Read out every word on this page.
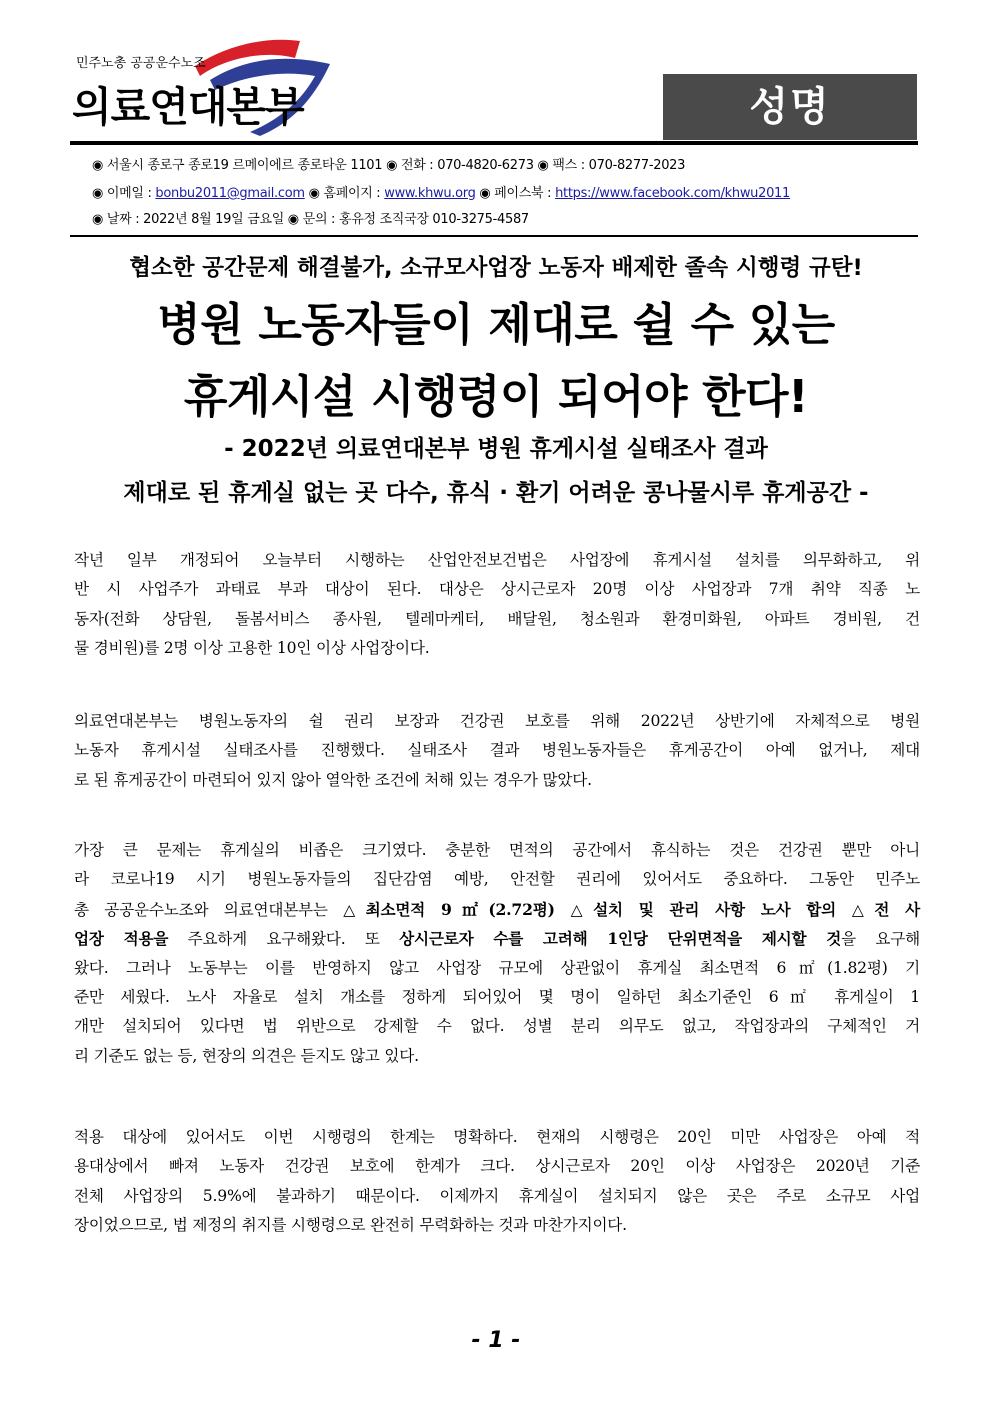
민주노총 공공운수노조
의료연대본부	성명
◉ 서울시 종로구 종로19 르메이에르 종로타운 1101 ◉ 전화 : 070-4820-6273 ◉ 팩스 : 070-8277-2023
◉ 이메일 : bonbu2011@gmail.com ◉ 홈페이지 : www.khwu.org ◉ 페이스북 : https://www.facebook.com/khwu2011
◉ 날짜 : 2022년 8월 19일 금요일 ◉ 문의 : 홍유정 조직국장 010-3275-4587
협소한 공간문제 해결불가, 소규모사업장 노동자 배제한 졸속 시행령 규탄!
병원 노동자들이 제대로 쉴 수 있는
휴게시설 시행령이 되어야 한다!
- 2022년 의료연대본부 병원 휴게시설 실태조사 결과
제대로 된 휴게실 없는 곳 다수, 휴식 · 환기 어려운 콩나물시루 휴게공간 -
작년 일부 개정되어 오늘부터 시행하는 산업안전보건법은 사업장에 휴게시설 설치를 의무화하고, 위
반 시 사업주가 과태료 부과 대상이 된다. 대상은 상시근로자 20명 이상 사업장과 7개 취약 직종 노
동자(전화 상담원, 돌봄서비스 종사원, 텔레마케터, 배달원, 청소원과 환경미화원, 아파트 경비원, 건
물 경비원)를 2명 이상 고용한 10인 이상 사업장이다.
의료연대본부는 병원노동자의 쉴 권리 보장과 건강권 보호를 위해 2022년 상반기에 자체적으로 병원
노동자 휴게시설 실태조사를 진행했다. 실태조사 결과 병원노동자들은 휴게공간이 아예 없거나, 제대
로 된 휴게공간이 마련되어 있지 않아 열악한 조건에 처해 있는 경우가 많았다.
가장 큰 문제는 휴게실의 비좁은 크기였다. 충분한 면적의 공간에서 휴식하는 것은 건강권 뿐만 아니
라 코로나19 시기 병원노동자들의 집단감염 예방, 안전할 권리에 있어서도 중요하다. 그동안 민주노
총 공공운수노조와 의료연대본부는 △최소면적 9㎡(2.72평) △설치 및 관리 사항 노사 합의 △전 사
업장 적용을 주요하게 요구해왔다. 또 상시근로자 수를 고려해 1인당 단위면적을 제시할 것을 요구해
왔다. 그러나 노동부는 이를 반영하지 않고 사업장 규모에 상관없이 휴게실 최소면적 6㎡(1.82평) 기
준만 세웠다. 노사 자율로 설치 개소를 정하게 되어있어 몇 명이 일하던 최소기준인 6㎡ 휴게실이 1
개만 설치되어 있다면 법 위반으로 강제할 수 없다. 성별 분리 의무도 없고, 작업장과의 구체적인 거
리 기준도 없는 등, 현장의 의견은 듣지도 않고 있다.
적용 대상에 있어서도 이번 시행령의 한계는 명확하다. 현재의 시행령은 20인 미만 사업장은 아예 적
용대상에서 빠져 노동자 건강권 보호에 한계가 크다. 상시근로자 20인 이상 사업장은 2020년 기준
전체 사업장의 5.9%에 불과하기 때문이다. 이제까지 휴게실이 설치되지 않은 곳은 주로 소규모 사업
장이었으므로, 법 제정의 취지를 시행령으로 완전히 무력화하는 것과 마찬가지이다.
- 1 -
